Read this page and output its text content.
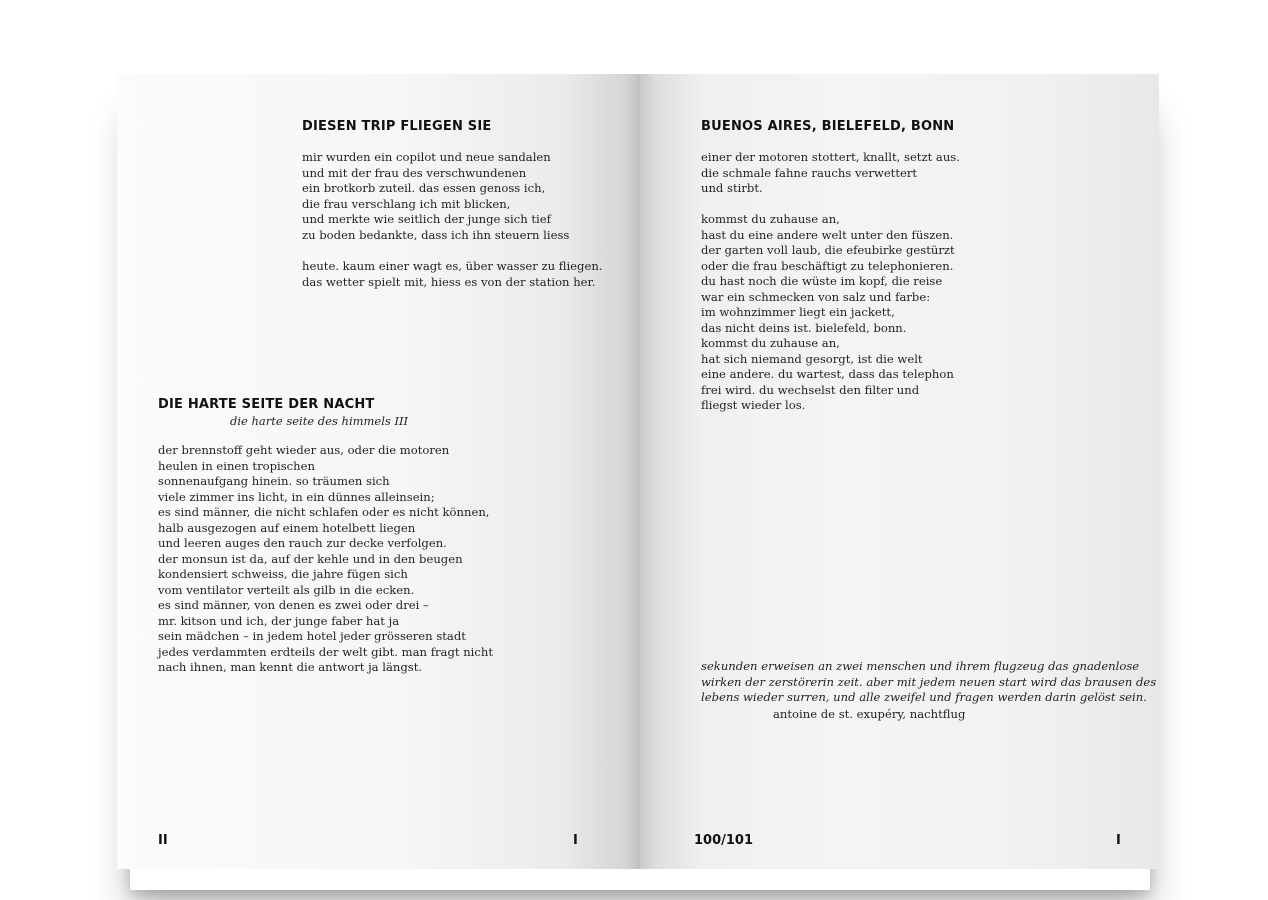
DIESEN TRIP FLIEGEN SIE
mir wurden ein copilot und neue sandalen
und mit der frau des verschwundenen
ein brotkorb zuteil. das essen genoss ich,
die frau verschlang ich mit blicken,
und merkte wie seitlich der junge sich tief
zu boden bedankte, dass ich ihn steuern liess
heute. kaum einer wagt es, über wasser zu fliegen.
das wetter spielt mit, hiess es von der station her.
DIE HARTE SEITE DER NACHT

die harte seite des himmels III

der brennstoff geht wieder aus, oder die motoren
heulen in einen tropischen
sonnenaufgang hinein. so träumen sich
viele zimmer ins licht, in ein dünnes alleinsein;
es sind männer, die nicht schlafen oder es nicht können,
halb ausgezogen auf einem hotelbett liegen
und leeren auges den rauch zur decke verfolgen.
der monsun ist da, auf der kehle und in den beugen
kondensiert schweiss, die jahre fügen sich
vom ventilator verteilt als gilb in die ecken.
es sind männer, von denen es zwei oder drei –
mr. kitson und ich, der junge faber hat ja
sein mädchen – in jedem hotel jeder grösseren stadt
jedes verdammten erdteils der welt gibt. man fragt nicht
nach ihnen, man kennt die antwort ja längst.

II	I

BUENOS AIRES, BIELEFELD, BONN
einer der motoren stottert, knallt, setzt aus.
die schmale fahne rauchs verwettert
und stirbt.
kommst du zuhause an,
hast du eine andere welt unter den füszen.
der garten voll laub, die efeubirke gestürzt
oder die frau beschäftigt zu telephonieren.
du hast noch die wüste im kopf, die reise
war ein schmecken von salz und farbe:
im wohnzimmer liegt ein jackett,
das nicht deins ist. bielefeld, bonn.
kommst du zuhause an,
hat sich niemand gesorgt, ist die welt
eine andere. du wartest, dass das telephon
frei wird. du wechselst den filter und
fliegst wieder los.
sekunden erweisen an zwei menschen und ihrem flugzeug das gnadenlose
wirken der zerstörerin zeit. aber mit jedem neuen start wird das brausen des
lebens wieder surren, und alle zweifel und fragen werden darin gelöst sein.

antoine de st. exupéry, nachtflug

100/101	I
